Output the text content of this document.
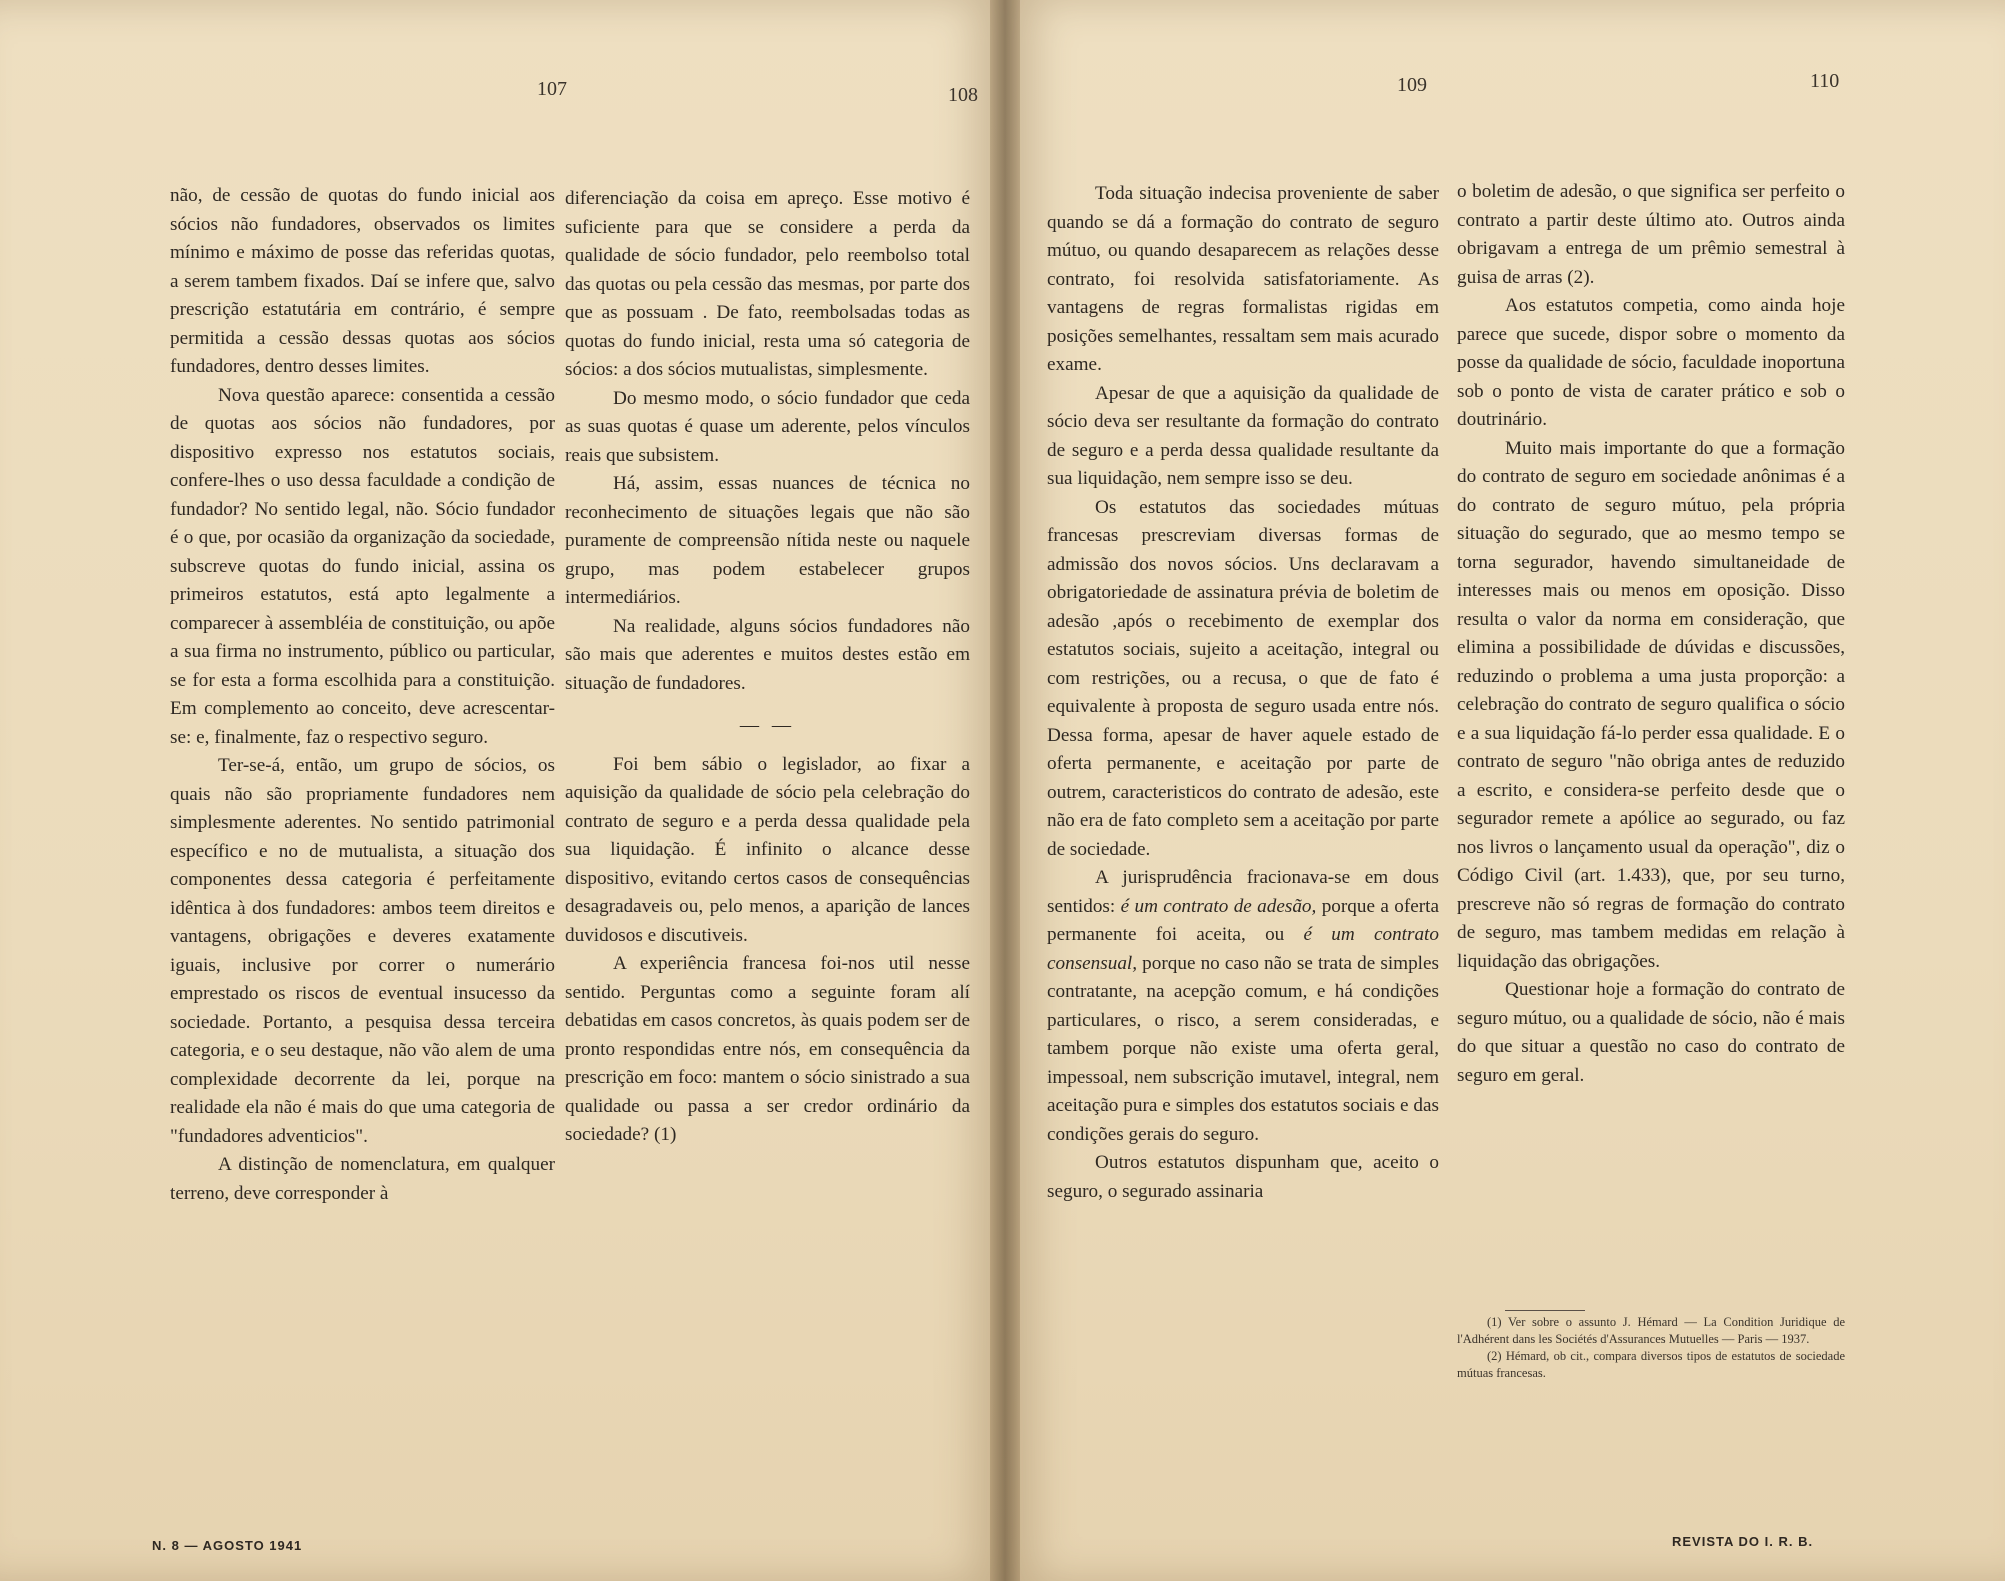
107	108

não, de cessão de quotas do fundo inicial aos sócios não fundadores, observados os limites mínimo e máximo de posse das referidas quotas, a serem tambem fixados. Daí se infere que, salvo prescrição estatutária em contrário, é sempre permitida a cessão dessas quotas aos sócios fundadores, dentro desses limites.

Nova questão aparece: consentida a cessão de quotas aos sócios não fundadores, por dispositivo expresso nos estatutos sociais, confere-lhes o uso dessa faculdade a condição de fundador? No sentido legal, não. Sócio fundador é o que, por ocasião da organização da sociedade, subscreve quotas do fundo inicial, assina os primeiros estatutos, está apto legalmente a comparecer à assembléia de constituição, ou apõe a sua firma no instrumento, público ou particular, se for esta a forma escolhida para a constituição. Em complemento ao conceito, deve acrescentar-se: e, finalmente, faz o respectivo seguro.

Ter-se-á, então, um grupo de sócios, os quais não são propriamente fundadores nem simplesmente aderentes. No sentido patrimonial específico e no de mutualista, a situação dos componentes dessa categoria é perfeitamente idêntica à dos fundadores: ambos teem direitos e vantagens, obrigações e deveres exatamente iguais, inclusive por correr o numerário emprestado os riscos de eventual insucesso da sociedade. Portanto, a pesquisa dessa terceira categoria, e o seu destaque, não vão alem de uma complexidade decorrente da lei, porque na realidade ela não é mais do que uma categoria de "fundadores adventicios".

A distinção de nomenclatura, em qualquer terreno, deve corresponder à

diferenciação da coisa em apreço. Esse motivo é suficiente para que se considere a perda da qualidade de sócio fundador, pelo reembolso total das quotas ou pela cessão das mesmas, por parte dos que as possuam . De fato, reembolsadas todas as quotas do fundo inicial, resta uma só categoria de sócios: a dos sócios mutualistas, simplesmente.

Do mesmo modo, o sócio fundador que ceda as suas quotas é quase um aderente, pelos vínculos reais que subsistem.

Há, assim, essas nuances de técnica no reconhecimento de situações legais que não são puramente de compreensão nítida neste ou naquele grupo, mas podem estabelecer grupos intermediários.

Na realidade, alguns sócios fundadores não são mais que aderentes e muitos destes estão em situação de fundadores.

— —

Foi bem sábio o legislador, ao fixar a aquisição da qualidade de sócio pela celebração do contrato de seguro e a perda dessa qualidade pela sua liquidação. É infinito o alcance desse dispositivo, evitando certos casos de consequências desagradaveis ou, pelo menos, a aparição de lances duvidosos e discutiveis.

A experiência francesa foi-nos util nesse sentido. Perguntas como a seguinte foram alí debatidas em casos concretos, às quais podem ser de pronto respondidas entre nós, em consequência da prescrição em foco: mantem o sócio sinistrado a sua qualidade ou passa a ser credor ordinário da sociedade? (1)

N. 8 — AGOSTO 1941
109	110

Toda situação indecisa proveniente de saber quando se dá a formação do contrato de seguro mútuo, ou quando desaparecem as relações desse contrato, foi resolvida satisfatoriamente. As vantagens de regras formalistas rigidas em posições semelhantes, ressaltam sem mais acurado exame.

Apesar de que a aquisição da qualidade de sócio deva ser resultante da formação do contrato de seguro e a perda dessa qualidade resultante da sua liquidação, nem sempre isso se deu.

Os estatutos das sociedades mútuas francesas prescreviam diversas formas de admissão dos novos sócios. Uns declaravam a obrigatoriedade de assinatura prévia de boletim de adesão ,após o recebimento de exemplar dos estatutos sociais, sujeito a aceitação, integral ou com restrições, ou a recusa, o que de fato é equivalente à proposta de seguro usada entre nós. Dessa forma, apesar de haver aquele estado de oferta permanente, e aceitação por parte de outrem, caracteristicos do contrato de adesão, este não era de fato completo sem a aceitação por parte de sociedade.

A jurisprudência fracionava-se em dous sentidos: é um contrato de adesão, porque a oferta permanente foi aceita, ou é um contrato consensual, porque no caso não se trata de simples contratante, na acepção comum, e há condições particulares, o risco, a serem consideradas, e tambem porque não existe uma oferta geral, impessoal, nem subscrição imutavel, integral, nem aceitação pura e simples dos estatutos sociais e das condições gerais do seguro.

Outros estatutos dispunham que, aceito o seguro, o segurado assinaria

o boletim de adesão, o que significa ser perfeito o contrato a partir deste último ato. Outros ainda obrigavam a entrega de um prêmio semestral à guisa de arras (2).

Aos estatutos competia, como ainda hoje parece que sucede, dispor sobre o momento da posse da qualidade de sócio, faculdade inoportuna sob o ponto de vista de carater prático e sob o doutrinário.

Muito mais importante do que a formação do contrato de seguro em sociedade anônimas é a do contrato de seguro mútuo, pela própria situação do segurado, que ao mesmo tempo se torna segurador, havendo simultaneidade de interesses mais ou menos em oposição. Disso resulta o valor da norma em consideração, que elimina a possibilidade de dúvidas e discussões, reduzindo o problema a uma justa proporção: a celebração do contrato de seguro qualifica o sócio e a sua liquidação fá-lo perder essa qualidade. E o contrato de seguro "não obriga antes de reduzido a escrito, e considera-se perfeito desde que o segurador remete a apólice ao segurado, ou faz nos livros o lançamento usual da operação", diz o Código Civil (art. 1.433), que, por seu turno, prescreve não só regras de formação do contrato de seguro, mas tambem medidas em relação à liquidação das obrigações.

Questionar hoje a formação do contrato de seguro mútuo, ou a qualidade de sócio, não é mais do que situar a questão no caso do contrato de seguro em geral.

(1) Ver sobre o assunto J. Hémard — La Condition Juridique de l'Adhérent dans les Sociétés d'Assurances Mutuelles — Paris — 1937.
(2) Hémard, ob cit., compara diversos tipos de estatutos de sociedade mútuas francesas.
REVISTA DO I. R. B.
